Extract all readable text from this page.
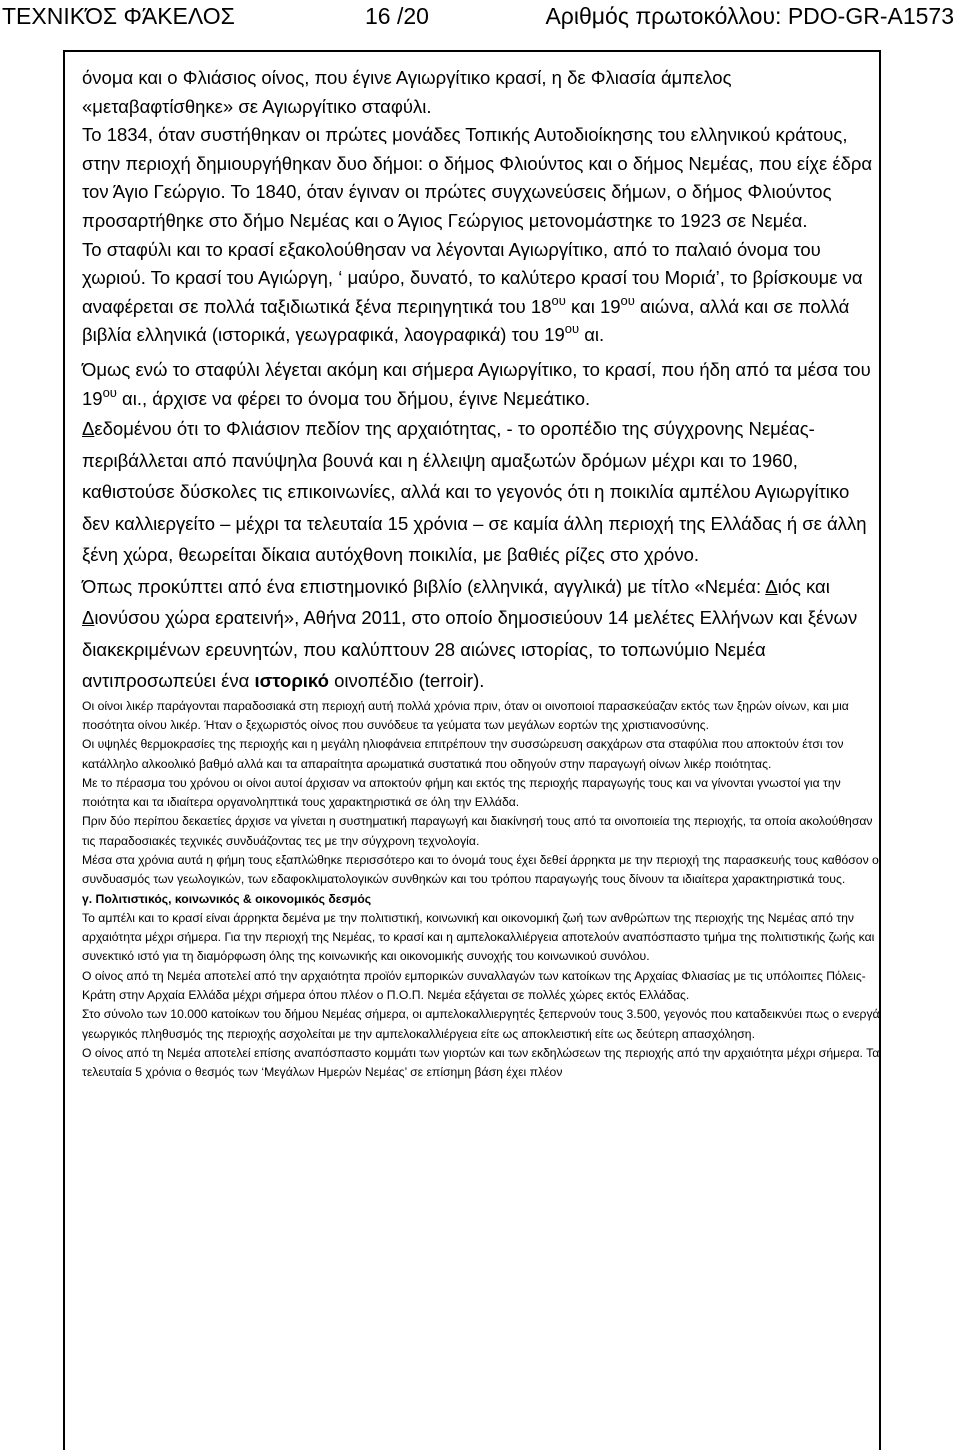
ΤΕΧΝΙΚΌΣ ΦΆΚΕΛΟΣ	16 /20	Αριθμός πρωτοκόλλου: PDO-GR-A1573

όνομα και ο Φλιάσιος οίνος, που έγινε Αγιωργίτικο κρασί, η δε Φλιασία άμπελος «μεταβαφτίσθηκε» σε Αγιωργίτικο σταφύλι.

Το 1834, όταν συστήθηκαν οι πρώτες μονάδες Τοπικής Αυτοδιοίκησης του ελληνικού κράτους, στην περιοχή δημιουργήθηκαν δυο δήμοι: ο δήμος Φλιούντος και ο δήμος Νεμέας, που είχε έδρα τον Άγιο Γεώργιο. Το 1840, όταν έγιναν οι πρώτες συγχωνεύσεις δήμων, ο δήμος Φλιούντος προσαρτήθηκε στο δήμο Νεμέας και ο Άγιος Γεώργιος μετονομάστηκε το 1923 σε Νεμέα.

Το σταφύλι και το κρασί εξακολούθησαν να λέγονται Αγιωργίτικο, από το παλαιό όνομα του χωριού. Το κρασί του Αγιώργη, ‘ μαύρο, δυνατό, το καλύτερο κρασί του Μοριά’, το βρίσκουμε να αναφέρεται σε πολλά ταξιδιωτικά ξένα περιηγητικά του $18^{o\upsilon}$ και $19^{o\upsilon}$ αιώνα, αλλά και σε πολλά βιβλία ελληνικά (ιστορικά, γεωγραφικά, λαογραφικά) του $19^{o\upsilon}$ αι.

Όμως ενώ το σταφύλι λέγεται ακόμη και σήμερα Αγιωργίτικο, το κρασί, που ήδη από τα μέσα του $19^{o\upsilon}$ αι., άρχισε να φέρει το όνομα του δήμου, έγινε Νεμεάτικο.

Δεδομένου ότι το Φλιάσιον πεδίον της αρχαιότητας, - το οροπέδιο της σύγχρονης Νεμέας- περιβάλλεται από πανύψηλα βουνά και η έλλειψη αμαξωτών δρόμων μέχρι και το 1960, καθιστούσε δύσκολες τις επικοινωνίες, αλλά και το γεγονός ότι η ποικιλία αμπέλου Αγιωργίτικο δεν καλλιεργείτο – μέχρι τα τελευταία 15 χρόνια – σε καμία άλλη περιοχή της Ελλάδας ή σε άλλη ξένη χώρα, θεωρείται δίκαια αυτόχθονη ποικιλία, με βαθιές ρίζες στο χρόνο.

Όπως προκύπτει από ένα επιστημονικό βιβλίο (ελληνικά, αγγλικά) με τίτλο «Νεμέα: Διός και Διονύσου χώρα ερατεινή», Αθήνα 2011, στο οποίο δημοσιεύουν 14 μελέτες Ελλήνων και ξένων διακεκριμένων ερευνητών, που καλύπτουν 28 αιώνες ιστορίας, το τοπωνύμιο Νεμέα αντιπροσωπεύει ένα ιστορικό οινοπέδιο (terroir).

Οι οίνοι λικέρ παράγονται παραδοσιακά στη περιοχή αυτή πολλά χρόνια πριν, όταν οι οινοποιοί παρασκεύαζαν εκτός των ξηρών οίνων, και μια ποσότητα οίνου λικέρ. Ήταν ο ξεχωριστός οίνος που συνόδευε τα γεύματα των μεγάλων εορτών της χριστιανοσύνης.

Οι υψηλές θερμοκρασίες της περιοχής και η μεγάλη ηλιοφάνεια επιτρέπουν την συσσώρευση σακχάρων στα σταφύλια που αποκτούν έτσι τον κατάλληλο αλκοολικό βαθμό αλλά και τα απαραίτητα αρωματικά συστατικά που οδηγούν στην παραγωγή οίνων λικέρ ποιότητας.

Με το πέρασμα του χρόνου οι οίνοι αυτοί άρχισαν να αποκτούν φήμη και εκτός της περιοχής παραγωγής τους και να γίνονται γνωστοί για την ποιότητα και τα ιδιαίτερα οργανοληπτικά τους χαρακτηριστικά σε όλη την Ελλάδα.

Πριν δύο περίπου δεκαετίες άρχισε να γίνεται η συστηματική παραγωγή και διακίνησή τους από τα οινοποιεία της περιοχής, τα οποία ακολούθησαν τις παραδοσιακές τεχνικές συνδυάζοντας τες με την σύγχρονη τεχνολογία.

Μέσα στα χρόνια αυτά η φήμη τους εξαπλώθηκε περισσότερο και το όνομά τους έχει δεθεί άρρηκτα με την περιοχή της παρασκευής τους καθόσον ο συνδυασμός των γεωλογικών, των εδαφοκλιματολογικών συνθηκών και του τρόπου παραγωγής τους δίνουν τα ιδιαίτερα χαρακτηριστικά τους.

γ. Πολιτιστικός, κοινωνικός & οικονομικός δεσμός

Το αμπέλι και το κρασί είναι άρρηκτα δεμένα με την πολιτιστική, κοινωνική και οικονομική ζωή των ανθρώπων της περιοχής της Νεμέας από την αρχαιότητα μέχρι σήμερα. Για την περιοχή της Νεμέας, το κρασί και η αμπελοκαλλιέργεια αποτελούν αναπόσπαστο τμήμα της πολιτιστικής ζωής και συνεκτικό ιστό για τη διαμόρφωση όλης της κοινωνικής και οικονομικής συνοχής του κοινωνικού συνόλου.

Ο οίνος από τη Νεμέα αποτελεί από την αρχαιότητα προϊόν εμπορικών συναλλαγών των κατοίκων της Αρχαίας Φλιασίας με τις υπόλοιπες Πόλεις-Κράτη στην Αρχαία Ελλάδα μέχρι σήμερα όπου πλέον ο Π.Ο.Π. Νεμέα εξάγεται σε πολλές χώρες εκτός Ελλάδας.

Στο σύνολο των 10.000 κατοίκων του δήμου Νεμέας σήμερα, οι αμπελοκαλλιεργητές ξεπερνούν τους 3.500, γεγονός που καταδεικνύει πως ο ενεργά γεωργικός πληθυσμός της περιοχής ασχολείται με την αμπελοκαλλιέργεια είτε ως αποκλειστική είτε ως δεύτερη απασχόληση.

Ο οίνος από τη Νεμέα αποτελεί επίσης αναπόσπαστο κομμάτι των γιορτών και των εκδηλώσεων της περιοχής από την αρχαιότητα μέχρι σήμερα. Τα τελευταία 5 χρόνια ο θεσμός των ‘Μεγάλων Ημερών Νεμέας’ σε επίσημη βάση έχει πλέον
